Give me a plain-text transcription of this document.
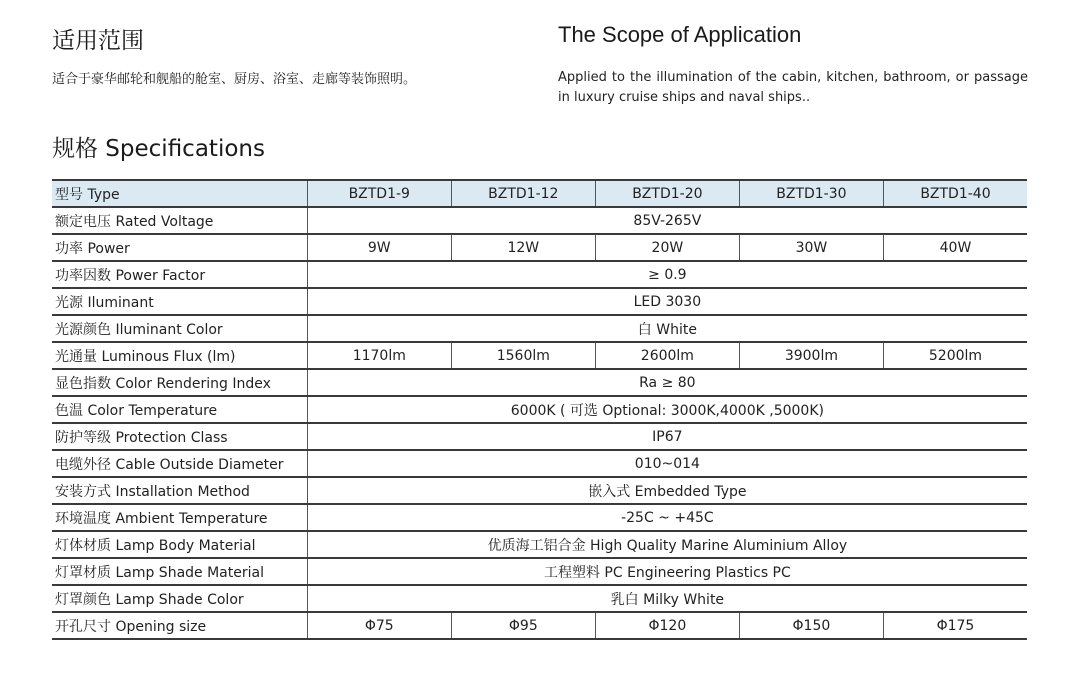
适用范围
适合于豪华邮轮和舰船的舱室、厨房、浴室、走廊等装饰照明。
The Scope of Application
Applied to the illumination of the cabin, kitchen, bathroom, or passage in luxury cruise ships and naval ships..
规格 Specifications
型号 Type	BZTD1-9	BZTD1-12	BZTD1-20	BZTD1-30	BZTD1-40
额定电压 Rated Voltage	85V-265V				
功率 Power	9W	12W	20W	30W	40W
功率因数 Power Factor	≥ 0.9				
光源 Iluminant	LED 3030				
光源颜色 Iluminant Color	白 White				
光通量 Luminous Flux (lm)	1170lm	1560lm	2600lm	3900lm	5200lm
显色指数 Color Rendering Index	Ra ≥ 80				
色温 Color Temperature	6000K ( 可选 Optional: 3000K,4000K ,5000K)				
防护等级 Protection Class	IP67				
电缆外径 Cable Outside Diameter	010~014				
安装方式 Installation Method	嵌入式 Embedded Type				
环境温度 Ambient Temperature	-25C ~ +45C				
灯体材质 Lamp Body Material	优质海工铝合金 High Quality Marine Aluminium Alloy				
灯罩材质 Lamp Shade Material	工程塑料 PC Engineering Plastics PC				
灯罩颜色 Lamp Shade Color	乳白 Milky White				
开孔尺寸 Opening size	Φ75	Φ95	Φ120	Φ150	Φ175
